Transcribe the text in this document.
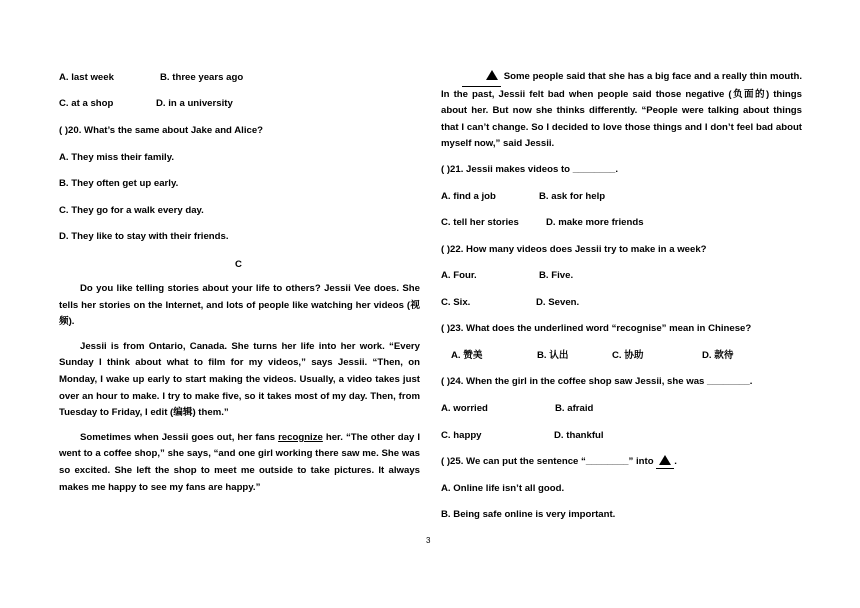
A. last week	B. three years ago
C. at a shop	D. in a university
( )20. What’s the same about Jake and Alice?
A. They miss their family.
B. They often get up early.
C. They go for a walk every day.
D. They like to stay with their friends.

Do you like telling stories about your life to others? Jessii Vee does. She tells her stories on the Internet, and lots of people like watching her videos (视频).

Jessii is from Ontario, Canada. She turns her life into her work. “Every Sunday I think about what to film for my videos,” says Jessii. “Then, on Monday, I wake up early to start making the videos. Usually, a video takes just over an hour to make. I try to make five, so it takes most of my day. Then, from Tuesday to Friday, I edit (编辑) them.”

Sometimes when Jessii goes out, her fans recognize her. “The other day I went to a coffee shop,” she says, “and one girl working there saw me. She was so excited. She left the shop to meet me outside to take pictures. It always makes me happy to see my fans are happy.”

C

Some people said that she has a big face and a really thin mouth. In the past, Jessii felt bad when people said those negative (负面的) things about her. But now she thinks differently. “People were talking about things that I can’t change. So I decided to love those things and I don’t feel bad about myself now,” said Jessii.

( )21. Jessii makes videos to ________.
A. find a job	B. ask for help
C. tell her stories	D. make more friends
( )22. How many videos does Jessii try to make in a week?
A. Four.	B. Five.
C. Six.	D. Seven.
( )23. What does the underlined word “recognise” mean in Chinese?
A. 赞美	B. 认出	C. 协助	D. 款待
( )24. When the girl in the coffee shop saw Jessii, she was ________.
A. worried	B. afraid
C. happy	D. thankful
( )25. We can put the sentence “________” into .
A. Online life isn’t all good.
B. Being safe online is very important.
3
